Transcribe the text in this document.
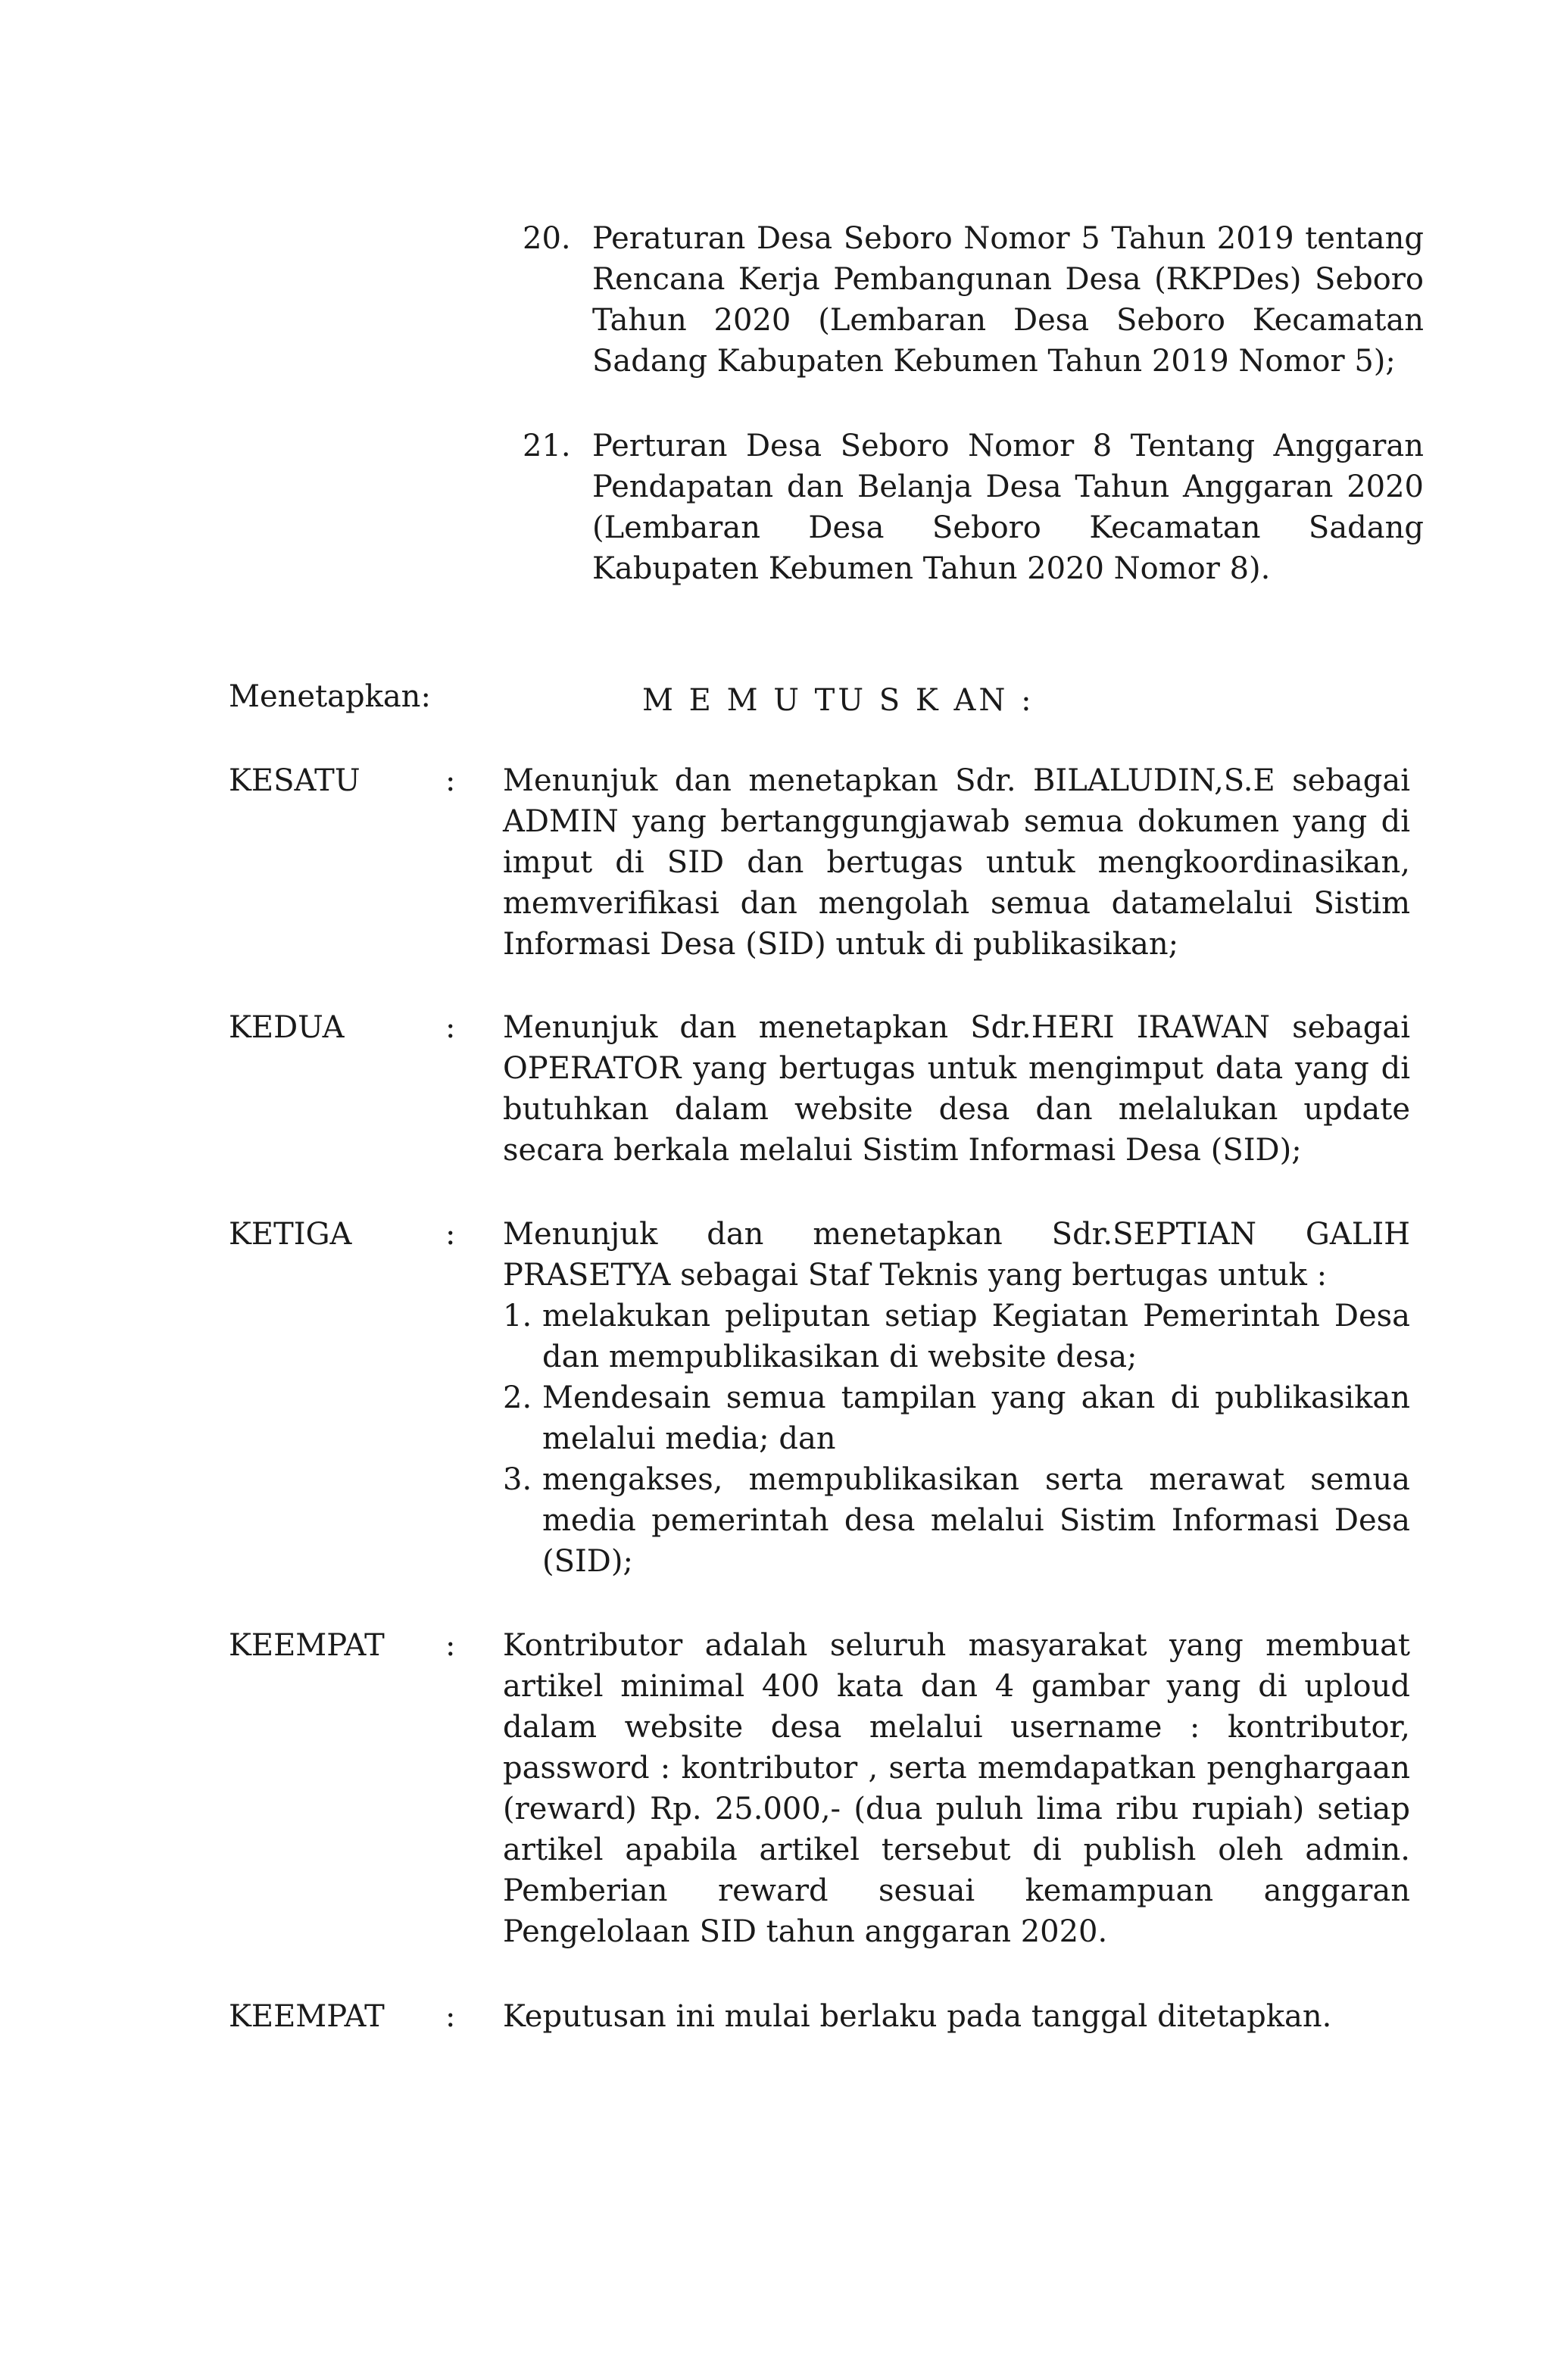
20. Peraturan Desa Seboro Nomor 5 Tahun 2019 tentang Rencana Kerja Pembangunan Desa (RKPDes) Seboro Tahun 2020 (Lembaran Desa Seboro Kecamatan Sadang Kabupaten Kebumen Tahun 2019 Nomor 5);
21. Perturan Desa Seboro Nomor 8 Tentang Anggaran Pendapatan dan Belanja Desa Tahun Anggaran 2020 (Lembaran Desa Seboro Kecamatan Sadang Kabupaten Kebumen Tahun 2020 Nomor 8).
Menetapkan:	M E M U TU S K AN :
KESATU	: Menunjuk dan menetapkan Sdr. BILALUDIN,S.E sebagai ADMIN yang bertanggungjawab semua dokumen yang di imput di SID dan bertugas untuk mengkoordinasikan, memverifikasi dan mengolah semua datamelalui Sistim Informasi Desa (SID) untuk di publikasikan;
KEDUA	: Menunjuk dan menetapkan Sdr.HERI IRAWAN sebagai OPERATOR yang bertugas untuk mengimput data yang di butuhkan dalam website desa dan melalukan update secara berkala melalui Sistim Informasi Desa (SID);
KETIGA	: Menunjuk dan menetapkan Sdr.SEPTIAN GALIH PRASETYA sebagai Staf Teknis yang bertugas untuk :
1. melakukan peliputan setiap Kegiatan Pemerintah Desa dan mempublikasikan di website desa;
2. Mendesain semua tampilan yang akan di publikasikan melalui media; dan
3. mengakses, mempublikasikan serta merawat semua media pemerintah desa melalui Sistim Informasi Desa (SID);
KEEMPAT : Kontributor adalah seluruh masyarakat yang membuat artikel minimal 400 kata dan 4 gambar yang di uploud dalam website desa melalui username : kontributor, password : kontributor , serta memdapatkan penghargaan (reward) Rp. 25.000,- (dua puluh lima ribu rupiah) setiap artikel apabila artikel tersebut di publish oleh admin. Pemberian reward sesuai kemampuan anggaran Pengelolaan SID tahun anggaran 2020.
KEEMPAT : Keputusan ini mulai berlaku pada tanggal ditetapkan.
